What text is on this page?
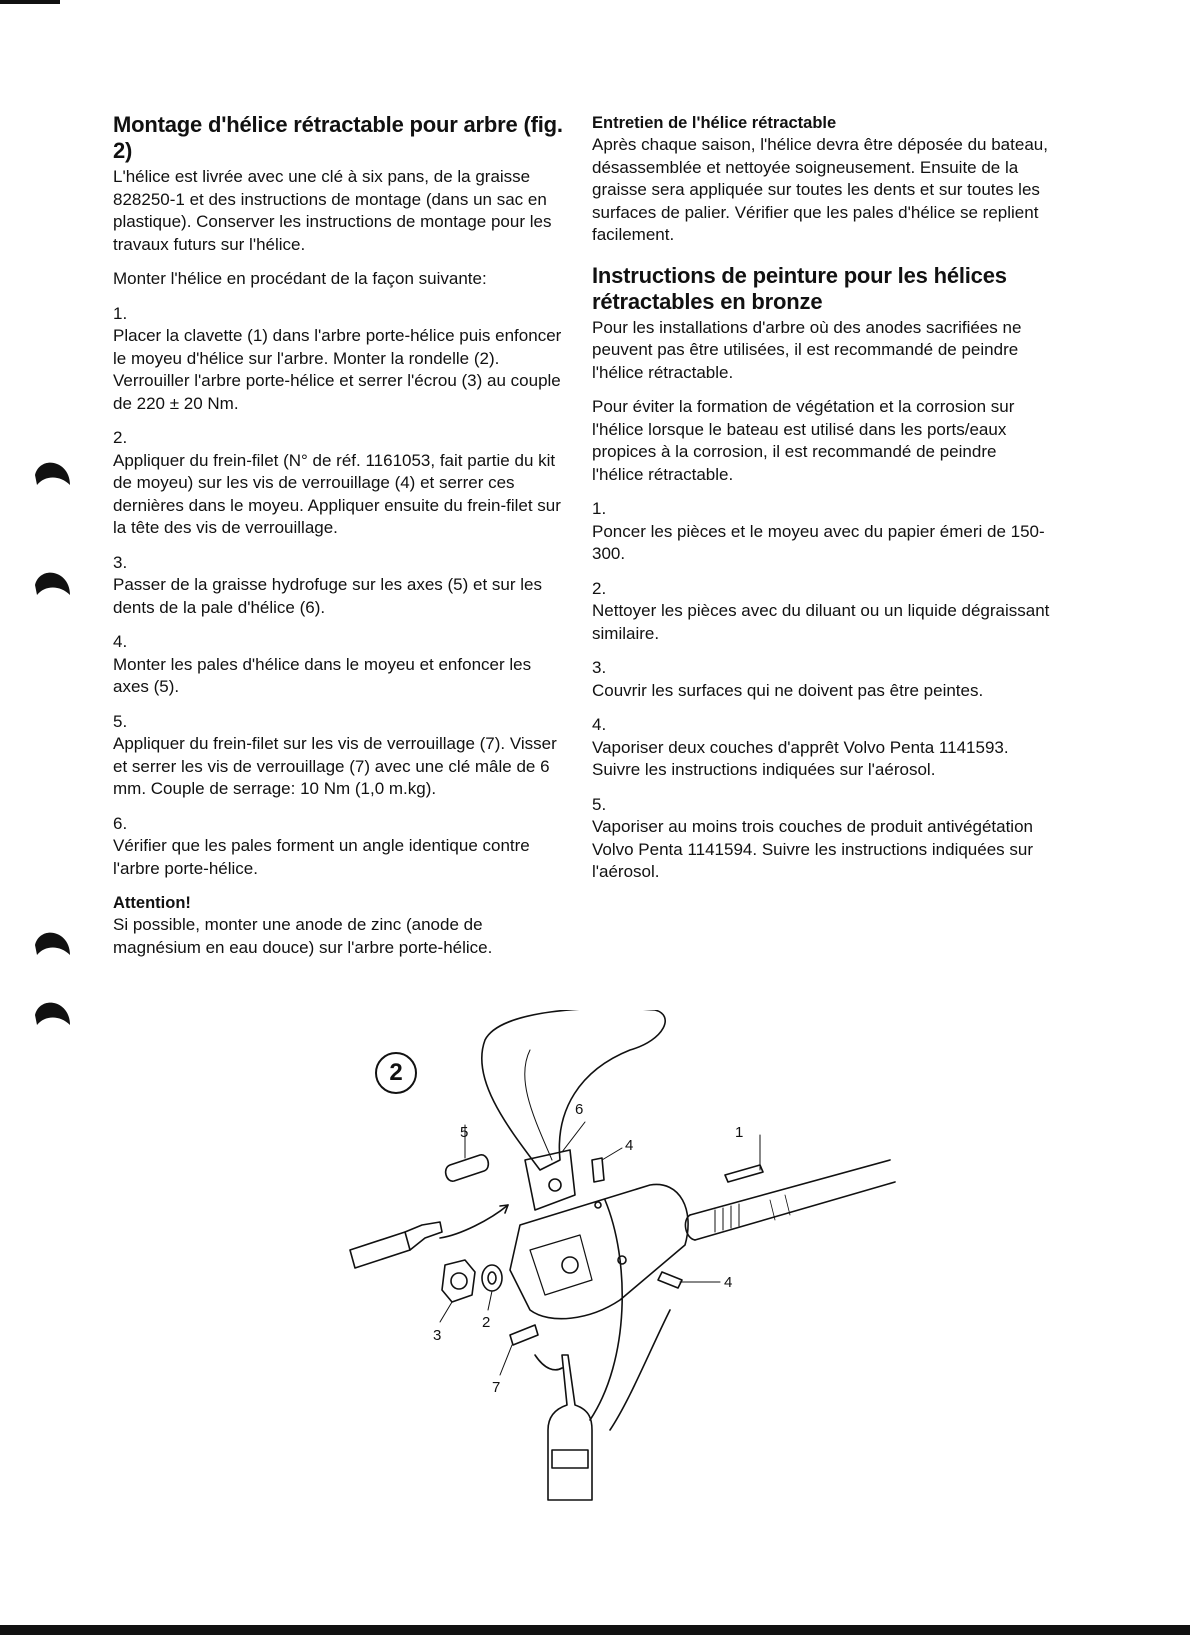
Montage d'hélice rétractable pour arbre (fig. 2)

L'hélice est livrée avec une clé à six pans, de la graisse 828250-1 et des instructions de montage (dans un sac en plastique). Conserver les instructions de montage pour les travaux futurs sur l'hélice.

Monter l'hélice en procédant de la façon suivante:

1.

Placer la clavette (1) dans l'arbre porte-hélice puis enfoncer le moyeu d'hélice sur l'arbre. Monter la rondelle (2). Verrouiller l'arbre porte-hélice et serrer l'écrou (3) au couple de 220 ± 20 Nm.

2.

Appliquer du frein-filet (N° de réf. 1161053, fait partie du kit de moyeu) sur les vis de verrouillage (4) et serrer ces dernières dans le moyeu. Appliquer ensuite du frein-filet sur la tête des vis de verrouillage.

3.

Passer de la graisse hydrofuge sur les axes (5) et sur les dents de la pale d'hélice (6).

4.

Monter les pales d'hélice dans le moyeu et enfoncer les axes (5).

5.

Appliquer du frein-filet sur les vis de verrouillage (7). Visser et serrer les vis de verrouillage (7) avec une clé mâle de 6 mm. Couple de serrage: 10 Nm (1,0 m.kg).

6.

Vérifier que les pales forment un angle identique contre l'arbre porte-hélice.

Attention!

Si possible, monter une anode de zinc (anode de magnésium en eau douce) sur l'arbre porte-hélice.

Entretien de l'hélice rétractable

Après chaque saison, l'hélice devra être déposée du bateau, désassemblée et nettoyée soigneusement. Ensuite de la graisse sera appliquée sur toutes les dents et sur toutes les surfaces de palier. Vérifier que les pales d'hélice se replient facilement.

Instructions de peinture pour les hélices rétractables en bronze

Pour les installations d'arbre où des anodes sacrifiées ne peuvent pas être utilisées, il est recommandé de peindre l'hélice rétractable.

Pour éviter la formation de végétation et la corrosion sur l'hélice lorsque le bateau est utilisé dans les ports/eaux propices à la corrosion, il est recommandé de peindre l'hélice rétractable.

1.

Poncer les pièces et le moyeu avec du papier émeri de 150-300.

2.

Nettoyer les pièces avec du diluant ou un liquide dégraissant similaire.

3.

Couvrir les surfaces qui ne doivent pas être peintes.

4.

Vaporiser deux couches d'apprêt Volvo Penta 1141593. Suivre les instructions indiquées sur l'aérosol.

5.

Vaporiser au moins trois couches de produit antivégétation Volvo Penta 1141594. Suivre les instructions indiquées sur l'aérosol.

2
1
2
3
4
4
5
6
7
